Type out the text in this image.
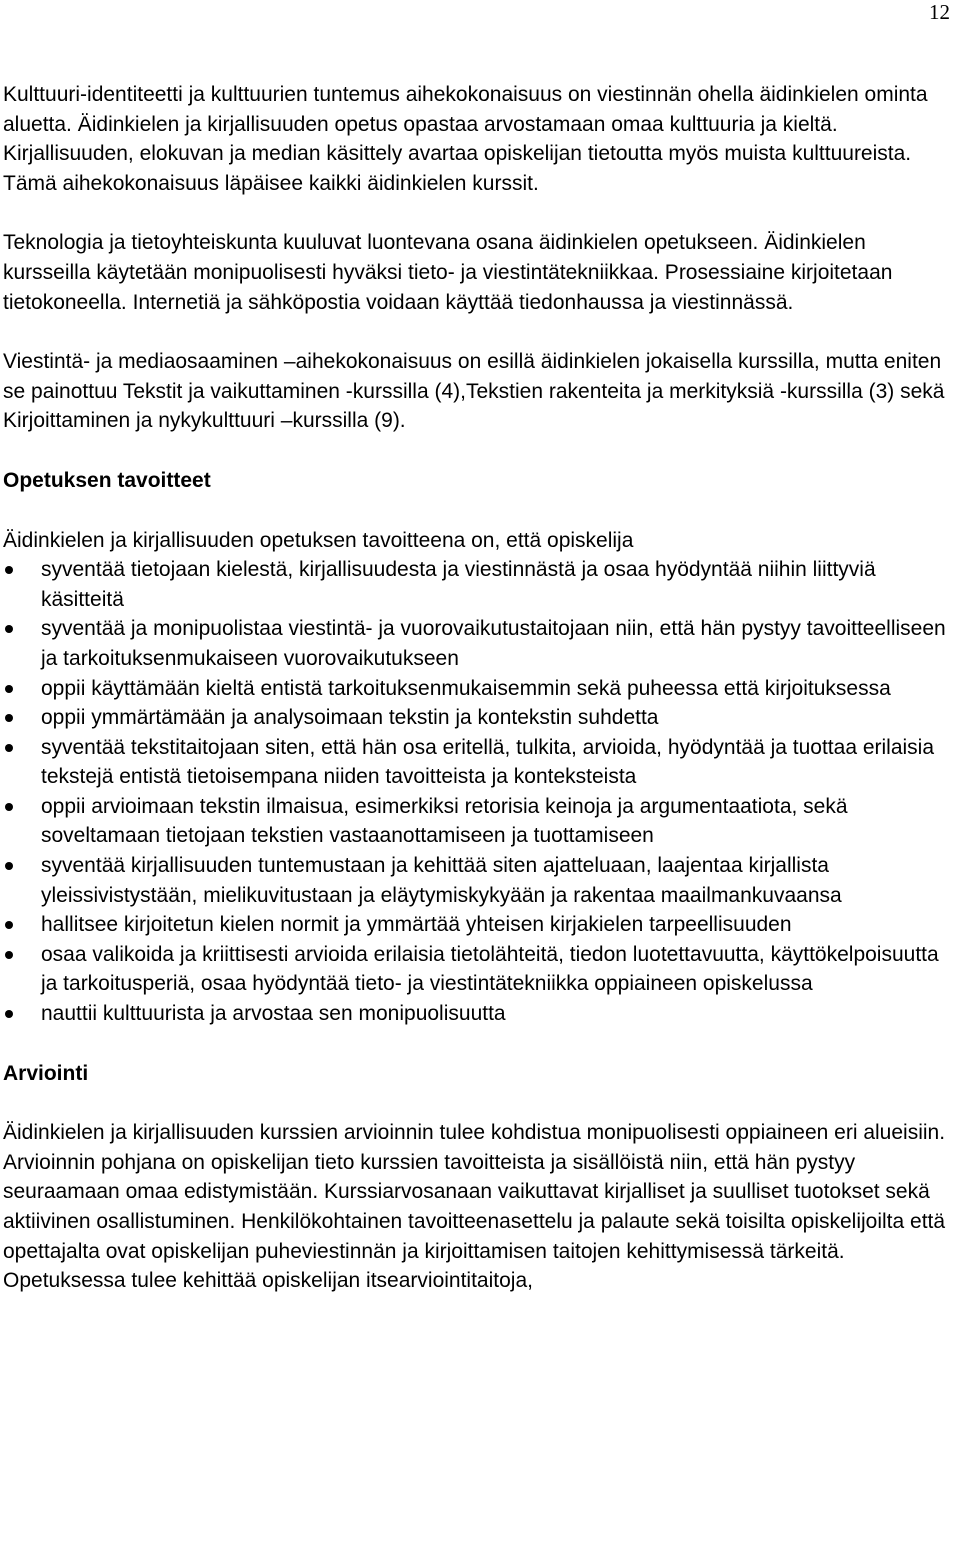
12

Kulttuuri-identiteetti ja kulttuurien tuntemus aihekokonaisuus on viestinnän ohella äidinkielen ominta aluetta. Äidinkielen ja kirjallisuuden opetus opastaa arvostamaan omaa kulttuuria ja kieltä. Kirjallisuuden, elokuvan ja median käsittely avartaa opiskelijan tietoutta myös muista kulttuureista. Tämä aihekokonaisuus läpäisee kaikki äidinkielen kurssit.

Teknologia ja tietoyhteiskunta kuuluvat luontevana osana äidinkielen opetukseen. Äidinkielen kursseilla käytetään monipuolisesti hyväksi tieto- ja viestintätekniikkaa. Prosessiaine kirjoitetaan tietokoneella. Internetiä ja sähköpostia voidaan käyttää tiedonhaussa ja viestinnässä.

Viestintä- ja mediaosaaminen –aihekokonaisuus on esillä äidinkielen jokaisella kurssilla, mutta eniten se painottuu Tekstit ja vaikuttaminen -kurssilla (4),Tekstien rakenteita ja merkityksiä -kurssilla (3) sekä Kirjoittaminen ja nykykulttuuri –kurssilla (9).

Opetuksen tavoitteet

Äidinkielen ja kirjallisuuden opetuksen tavoitteena on, että opiskelija

syventää tietojaan kielestä, kirjallisuudesta ja viestinnästä ja osaa hyödyntää niihin liittyviä käsitteitä
syventää ja monipuolistaa viestintä- ja vuorovaikutustaitojaan niin, että hän pystyy tavoitteelliseen ja tarkoituksenmukaiseen vuorovaikutukseen
oppii käyttämään kieltä entistä tarkoituksenmukaisemmin sekä puheessa että kirjoituksessa
oppii ymmärtämään ja analysoimaan tekstin ja kontekstin suhdetta
syventää tekstitaitojaan siten, että hän osa eritellä, tulkita, arvioida, hyödyntää ja tuottaa erilaisia tekstejä entistä tietoisempana niiden tavoitteista ja konteksteista
oppii arvioimaan tekstin ilmaisua, esimerkiksi retorisia keinoja ja argumentaatiota, sekä soveltamaan tietojaan tekstien vastaanottamiseen ja tuottamiseen
syventää kirjallisuuden tuntemustaan ja kehittää siten ajatteluaan, laajentaa kirjallista yleissivistystään, mielikuvitustaan ja eläytymiskykyään ja rakentaa maailmankuvaansa
hallitsee kirjoitetun kielen normit ja ymmärtää yhteisen kirjakielen tarpeellisuuden
osaa valikoida ja kriittisesti arvioida erilaisia tietolähteitä, tiedon luotettavuutta, käyttökelpoisuutta ja tarkoitusperiä, osaa hyödyntää tieto- ja viestintätekniikka oppiaineen opiskelussa
nauttii kulttuurista ja arvostaa sen monipuolisuutta

Arviointi

Äidinkielen ja kirjallisuuden kurssien arvioinnin tulee kohdistua monipuolisesti oppiaineen eri alueisiin. Arvioinnin pohjana on opiskelijan tieto kurssien tavoitteista ja sisällöistä niin, että hän pystyy seuraamaan omaa edistymistään. Kurssiarvosanaan vaikuttavat kirjalliset ja suulliset tuotokset sekä aktiivinen osallistuminen. Henkilökohtainen tavoitteenasettelu ja palaute sekä toisilta opiskelijoilta että opettajalta ovat opiskelijan puheviestinnän ja kirjoittamisen taitojen kehittymisessä tärkeitä. Opetuksessa tulee kehittää opiskelijan itsearviointitaitoja,
